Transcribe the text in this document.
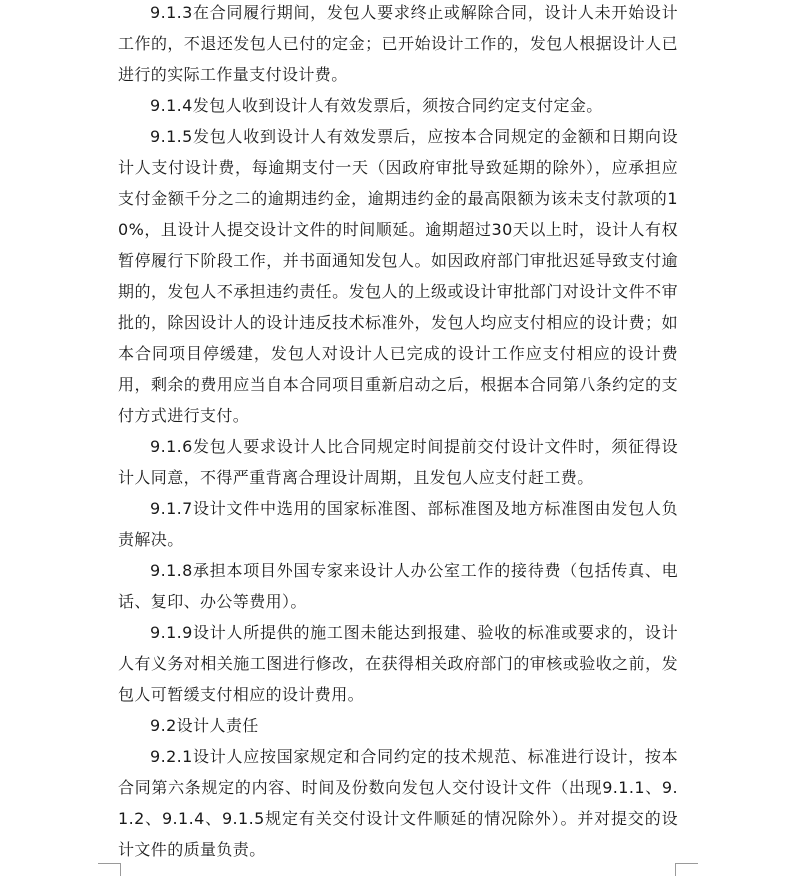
9.1.3在合同履行期间，发包人要求终止或解除合同，设计人未开始设计工作的，不退还发包人已付的定金；已开始设计工作的，发包人根据设计人已进行的实际工作量支付设计费。

9.1.4发包人收到设计人有效发票后，须按合同约定支付定金。

9.1.5发包人收到设计人有效发票后，应按本合同规定的金额和日期向设计人支付设计费，每逾期支付一天（因政府审批导致延期的除外），应承担应支付金额千分之二的逾期违约金，逾期违约金的最高限额为该未支付款项的10%，且设计人提交设计文件的时间顺延。逾期超过30天以上时，设计人有权暂停履行下阶段工作，并书面通知发包人。如因政府部门审批迟延导致支付逾期的，发包人不承担违约责任。发包人的上级或设计审批部门对设计文件不审批的，除因设计人的设计违反技术标准外，发包人均应支付相应的设计费；如本合同项目停缓建，发包人对设计人已完成的设计工作应支付相应的设计费用，剩余的费用应当自本合同项目重新启动之后，根据本合同第八条约定的支付方式进行支付。

9.1.6发包人要求设计人比合同规定时间提前交付设计文件时，须征得设计人同意，不得严重背离合理设计周期，且发包人应支付赶工费。

9.1.7设计文件中选用的国家标准图、部标准图及地方标准图由发包人负责解决。

9.1.8承担本项目外国专家来设计人办公室工作的接待费（包括传真、电话、复印、办公等费用）。

9.1.9设计人所提供的施工图未能达到报建、验收的标准或要求的，设计人有义务对相关施工图进行修改，在获得相关政府部门的审核或验收之前，发包人可暂缓支付相应的设计费用。

9.2设计人责任

9.2.1设计人应按国家规定和合同约定的技术规范、标准进行设计，按本合同第六条规定的内容、时间及份数向发包人交付设计文件（出现9.1.1、9.1.2、9.1.4、9.1.5规定有关交付设计文件顺延的情况除外）。并对提交的设计文件的质量负责。
